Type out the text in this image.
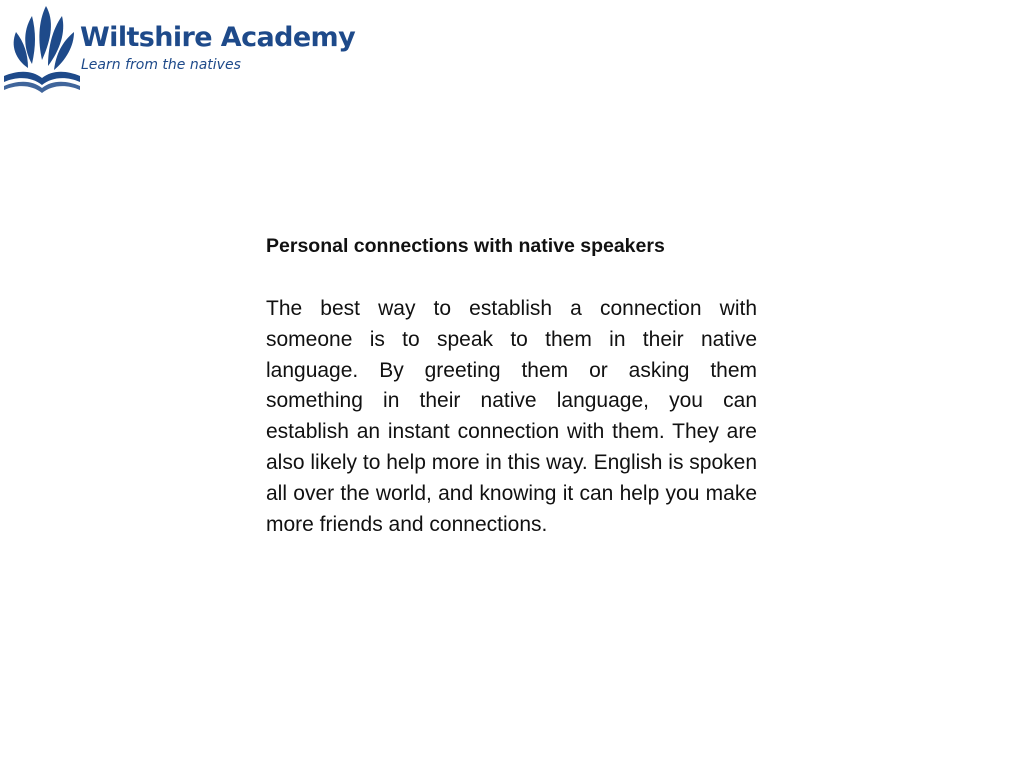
Wiltshire Academy
Learn from the natives
Personal connections with native speakers

The best way to establish a connection with someone is to speak to them in their native language. By greeting them or asking them something in their native language, you can establish an instant connection with them. They are also likely to help more in this way. English is spoken all over the world, and knowing it can help you make more friends and connections.
